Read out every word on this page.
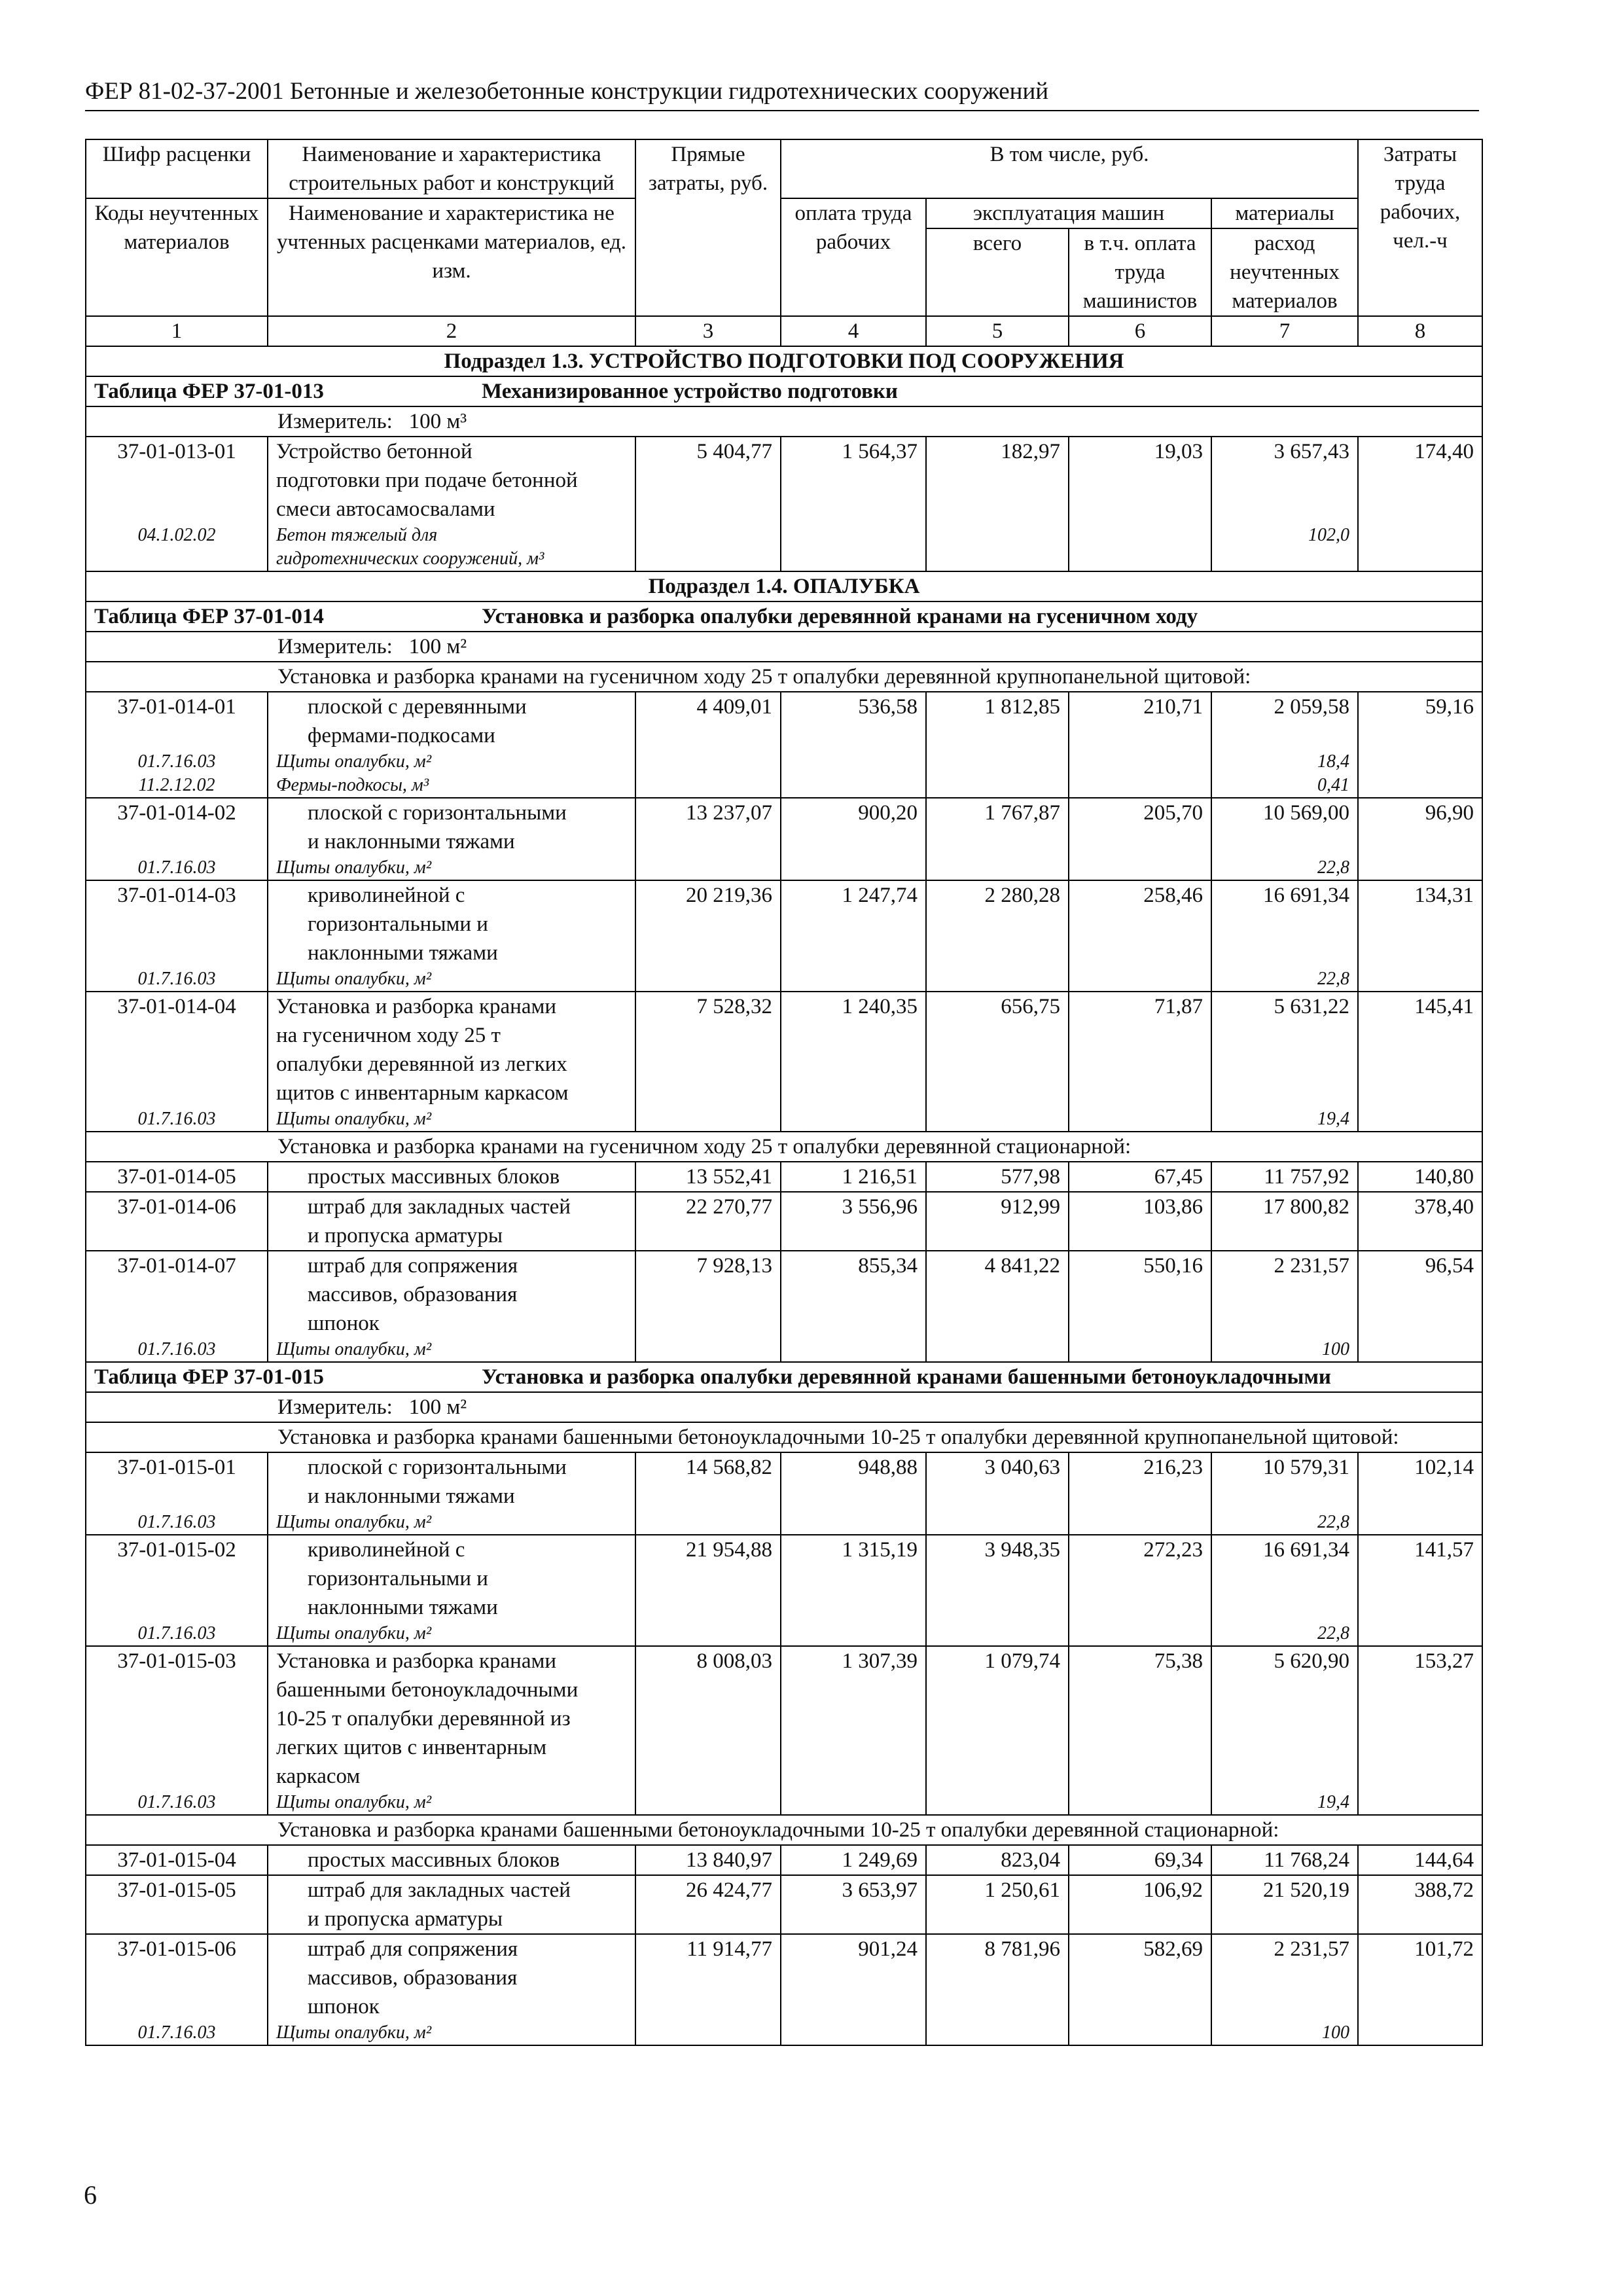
ФЕР 81-02-37-2001 Бетонные и железобетонные конструкции гидротехнических сооружений
Шифр расценки	Наименование и характеристика строительных работ и конструкций	Прямые затраты, руб.	В том числе, руб.				Затраты труда рабочих, чел.-ч
Коды неучтенных материалов	Наименование и характеристика не учтенных расценками материалов, ед. изм.		оплата труда рабочих	эксплуатация машин		материалы	
				всего	в т.ч. оплата труда машинистов	расход неучтенных материалов	
1	2	3	4	5	6	7	8
Подраздел 1.3. УСТРОЙСТВО ПОДГОТОВКИ ПОД СООРУЖЕНИЯ							
Таблица ФЕР 37-01-013 Механизированное устройство подготовки							
Измеритель: 100 м³							
37-01-013-01	Устройство бетонной
подготовки при подаче бетонной
смеси автосамосвалами	5 404,77	1 564,37	182,97	19,03	3 657,43	174,40
04.1.02.02	Бетон тяжелый для
гидротехнических сооружений, м³					102,0	
Подраздел 1.4. ОПАЛУБКА							
Таблица ФЕР 37-01-014 Установка и разборка опалубки деревянной кранами на гусеничном ходу							
Измеритель: 100 м²							
Установка и разборка кранами на гусеничном ходу 25 т опалубки деревянной крупнопанельной щитовой:							
37-01-014-01	плоской с деревянными
фермами-подкосами	4 409,01	536,58	1 812,85	210,71	2 059,58	59,16
01.7.16.03	Щиты опалубки, м²					18,4	
11.2.12.02	Фермы-подкосы, м³					0,41	
37-01-014-02	плоской с горизонтальными
и наклонными тяжами	13 237,07	900,20	1 767,87	205,70	10 569,00	96,90
01.7.16.03	Щиты опалубки, м²					22,8	
37-01-014-03	криволинейной с
горизонтальными и
наклонными тяжами	20 219,36	1 247,74	2 280,28	258,46	16 691,34	134,31
01.7.16.03	Щиты опалубки, м²					22,8	
37-01-014-04	Установка и разборка кранами
на гусеничном ходу 25 т
опалубки деревянной из легких
щитов с инвентарным каркасом	7 528,32	1 240,35	656,75	71,87	5 631,22	145,41
01.7.16.03	Щиты опалубки, м²					19,4	
Установка и разборка кранами на гусеничном ходу 25 т опалубки деревянной стационарной:							
37-01-014-05	простых массивных блоков	13 552,41	1 216,51	577,98	67,45	11 757,92	140,80
37-01-014-06	штраб для закладных частей
и пропуска арматуры	22 270,77	3 556,96	912,99	103,86	17 800,82	378,40
37-01-014-07	штраб для сопряжения
массивов, образования
шпонок	7 928,13	855,34	4 841,22	550,16	2 231,57	96,54
01.7.16.03	Щиты опалубки, м²					100	
Таблица ФЕР 37-01-015 Установка и разборка опалубки деревянной кранами башенными бетоноукладочными							
Измеритель: 100 м²							
Установка и разборка кранами башенными бетоноукладочными 10-25 т опалубки деревянной крупнопанельной щитовой:							
37-01-015-01	плоской с горизонтальными
и наклонными тяжами	14 568,82	948,88	3 040,63	216,23	10 579,31	102,14
01.7.16.03	Щиты опалубки, м²					22,8	
37-01-015-02	криволинейной с
горизонтальными и
наклонными тяжами	21 954,88	1 315,19	3 948,35	272,23	16 691,34	141,57
01.7.16.03	Щиты опалубки, м²					22,8	
37-01-015-03	Установка и разборка кранами
башенными бетоноукладочными
10-25 т опалубки деревянной из
легких щитов с инвентарным
каркасом	8 008,03	1 307,39	1 079,74	75,38	5 620,90	153,27
01.7.16.03	Щиты опалубки, м²					19,4	
Установка и разборка кранами башенными бетоноукладочными 10-25 т опалубки деревянной стационарной:							
37-01-015-04	простых массивных блоков	13 840,97	1 249,69	823,04	69,34	11 768,24	144,64
37-01-015-05	штраб для закладных частей
и пропуска арматуры	26 424,77	3 653,97	1 250,61	106,92	21 520,19	388,72
37-01-015-06	штраб для сопряжения
массивов, образования
шпонок	11 914,77	901,24	8 781,96	582,69	2 231,57	101,72
01.7.16.03	Щиты опалубки, м²					100	
6
